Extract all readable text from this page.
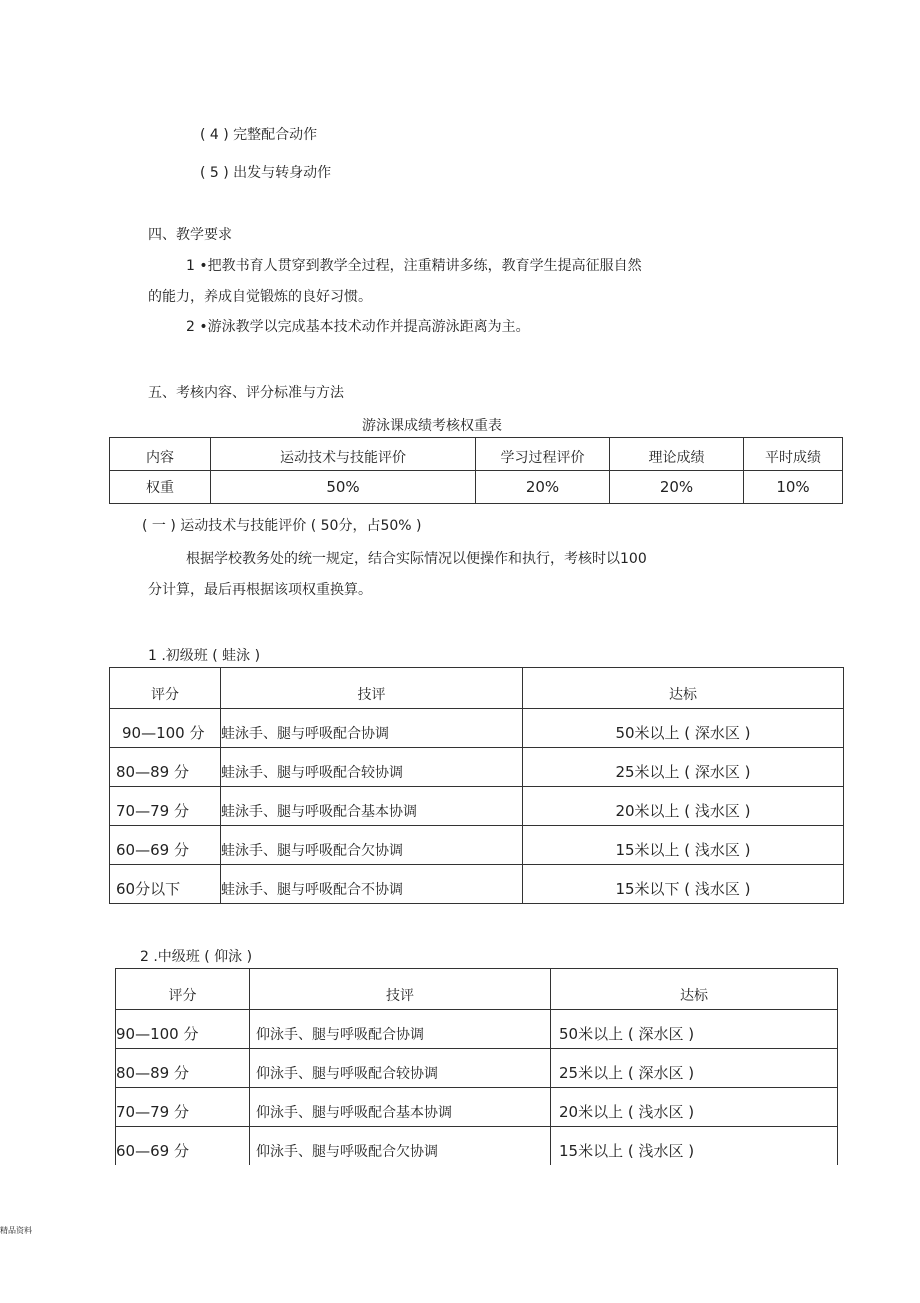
( 4 ) 完整配合动作
( 5 ) 出发与转身动作
四、教学要求
1 •把教书育人贯穿到教学全过程，注重精讲多练，教育学生提高征服自然
的能力，养成自觉锻炼的良好习惯。
2 •游泳教学以完成基本技术动作并提高游泳距离为主。
五、考核内容、评分标准与方法
游泳课成绩考核权重表
内容	运动技术与技能评价	学习过程评价	理论成绩	平时成绩
权重	50%	20%	20%	10%
( 一 ) 运动技术与技能评价 ( 50分，占50% )
根据学校教务处的统一规定，结合实际情况以便操作和执行，考核时以100
分计算，最后再根据该项权重换算。
1 .初级班 ( 蛙泳 )
评分	技评	达标
90—100 分	蛙泳手、腿与呼吸配合协调	50米以上 ( 深水区 )
80—89 分	蛙泳手、腿与呼吸配合较协调	25米以上 ( 深水区 )
70—79 分	蛙泳手、腿与呼吸配合基本协调	20米以上 ( 浅水区 )
60—69 分	蛙泳手、腿与呼吸配合欠协调	15米以上 ( 浅水区 )
60分以下	蛙泳手、腿与呼吸配合不协调	15米以下 ( 浅水区 )
2 .中级班 ( 仰泳 )
评分	技评	达标
90—100 分	仰泳手、腿与呼吸配合协调	50米以上 ( 深水区 )
80—89 分	仰泳手、腿与呼吸配合较协调	25米以上 ( 深水区 )
70—79 分	仰泳手、腿与呼吸配合基本协调	20米以上 ( 浅水区 )
60—69 分	仰泳手、腿与呼吸配合欠协调	15米以上 ( 浅水区 )
精品资料
